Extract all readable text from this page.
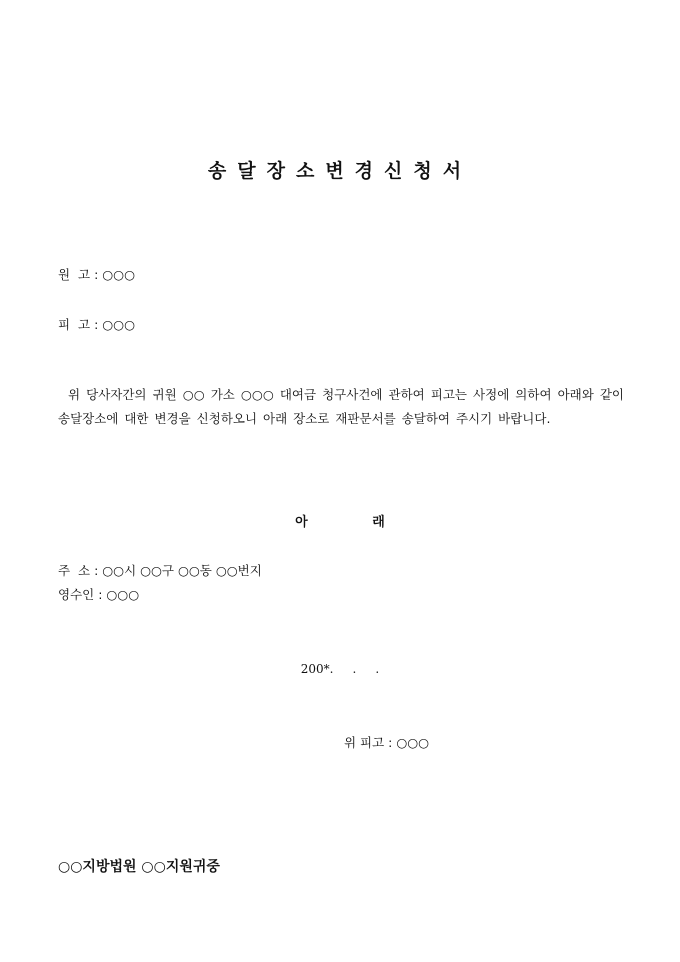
송달장소변경신청서

원  고 : ○○○

피  고 : ○○○

위 당사자간의 귀원 ○○ 가소 ○○○ 대여금 청구사건에 관하여 피고는 사정에 의하여 아래와 같이 송달장소에 대한 변경을 신청하오니 아래 장소로 재판문서를 송달하여 주시기 바랍니다.

아 래

주  소 : ○○시 ○○구 ○○동 ○○번지

영수인 : ○○○

200*.     .     .

위 피고 : ○○○

○○지방법원 ○○지원귀중
